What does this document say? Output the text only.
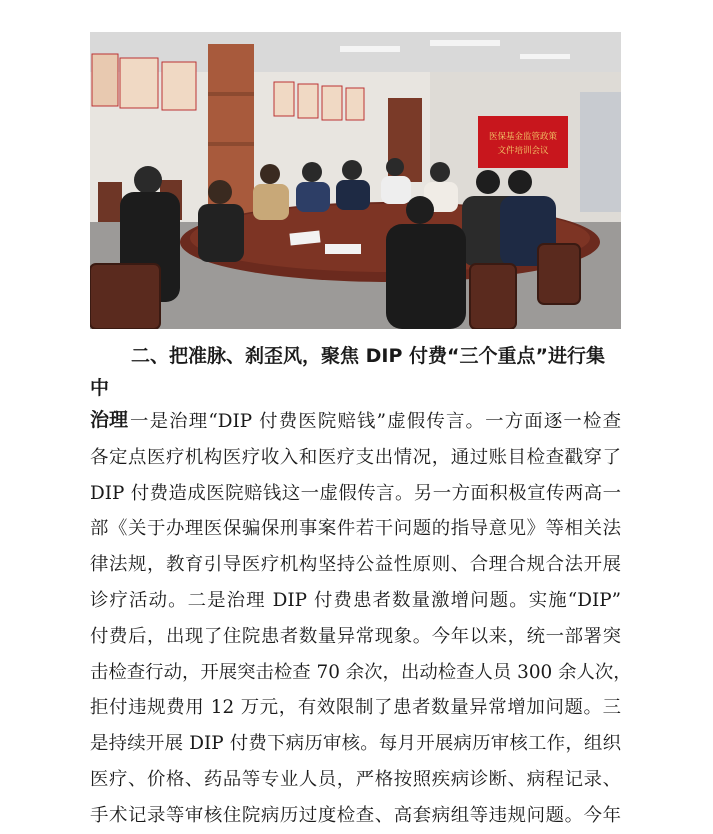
医保基金监管政策
文件培训会议
二、把准脉、刹歪风，聚焦 DIP 付费“三个重点”进行集中
治理 一是治理“DIP 付费医院赔钱”虚假传言。一方面逐一检查
各定点医疗机构医疗收入和医疗支出情况，通过账目检查戳穿了
DIP 付费造成医院赔钱这一虚假传言。另一方面积极宣传两高一
部《关于办理医保骗保刑事案件若干问题的指导意见》等相关法
律法规，教育引导医疗机构坚持公益性原则、合理合规合法开展
诊疗活动。二是治理 DIP 付费患者数量激增问题。实施“DIP”
付费后，出现了住院患者数量异常现象。今年以来，统一部署突
击检查行动，开展突击检查 70 余次，出动检查人员 300 余人次，
拒付违规费用 12 万元，有效限制了患者数量异常增加问题。三
是持续开展 DIP 付费下病历审核。每月开展病历审核工作，组织
医疗、价格、药品等专业人员，严格按照疾病诊断、病程记录、
手术记录等审核住院病历过度检查、高套病组等违规问题。今年
